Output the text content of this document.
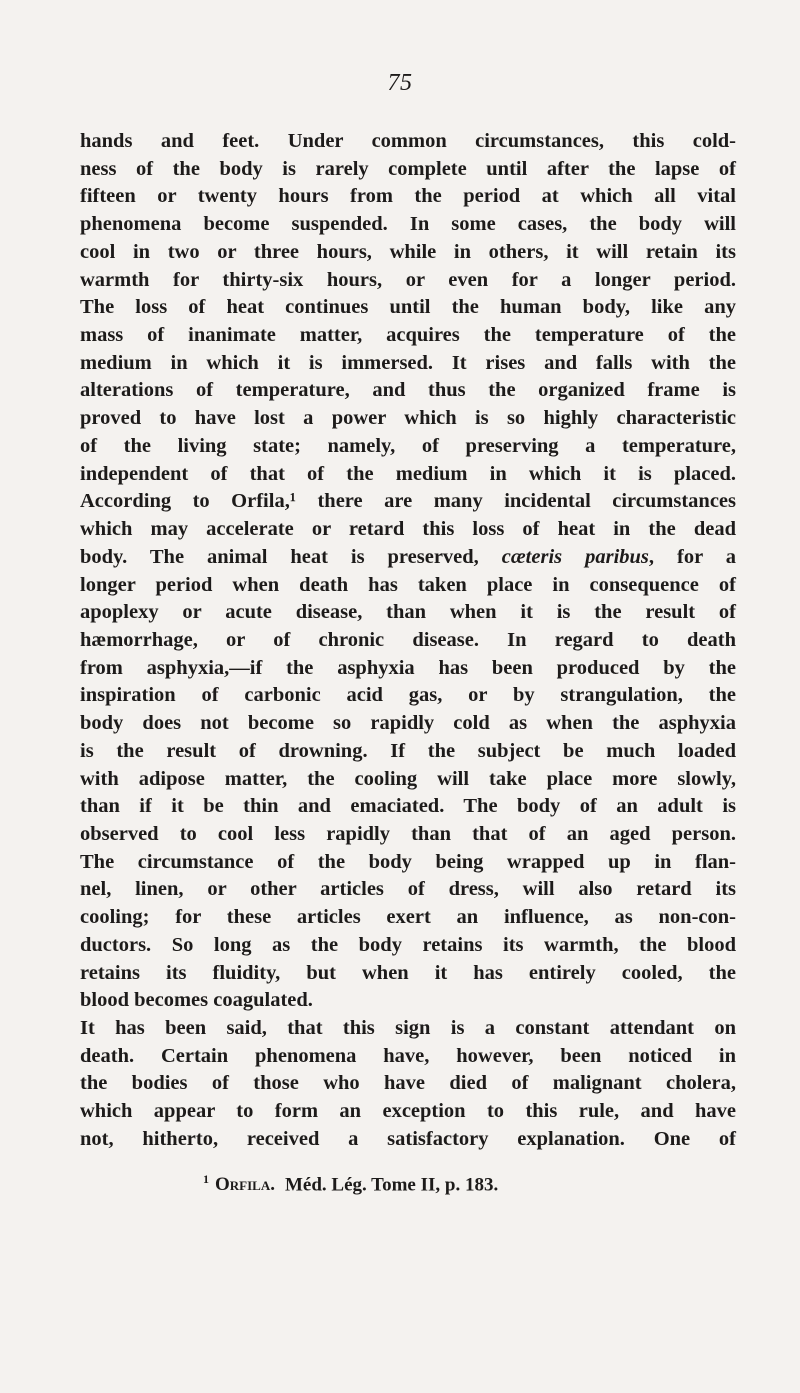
75
hands and feet. Under common circumstances, this cold-
ness of the body is rarely complete until after the lapse of
fifteen or twenty hours from the period at which all vital
phenomena become suspended. In some cases, the body will
cool in two or three hours, while in others, it will retain its
warmth for thirty-six hours, or even for a longer period.
The loss of heat continues until the human body, like any
mass of inanimate matter, acquires the temperature of the
medium in which it is immersed. It rises and falls with the
alterations of temperature, and thus the organized frame is
proved to have lost a power which is so highly characteristic
of the living state; namely, of preserving a temperature,
independent of that of the medium in which it is placed.
According to Orfila,¹ there are many incidental circumstances
which may accelerate or retard this loss of heat in the dead
body. The animal heat is preserved, cæteris paribus, for a
longer period when death has taken place in consequence of
apoplexy or acute disease, than when it is the result of
hæmorrhage, or of chronic disease. In regard to death
from asphyxia,—if the asphyxia has been produced by the
inspiration of carbonic acid gas, or by strangulation, the
body does not become so rapidly cold as when the asphyxia
is the result of drowning. If the subject be much loaded
with adipose matter, the cooling will take place more slowly,
than if it be thin and emaciated. The body of an adult is
observed to cool less rapidly than that of an aged person.
The circumstance of the body being wrapped up in flan-
nel, linen, or other articles of dress, will also retard its
cooling; for these articles exert an influence, as non-con-
ductors. So long as the body retains its warmth, the blood
retains its fluidity, but when it has entirely cooled, the
blood becomes coagulated.
It has been said, that this sign is a constant attendant on
death. Certain phenomena have, however, been noticed in
the bodies of those who have died of malignant cholera,
which appear to form an exception to this rule, and have
not, hitherto, received a satisfactory explanation. One of
$^1$ Orfila. Méd. Lég. Tome II, p. 183.
